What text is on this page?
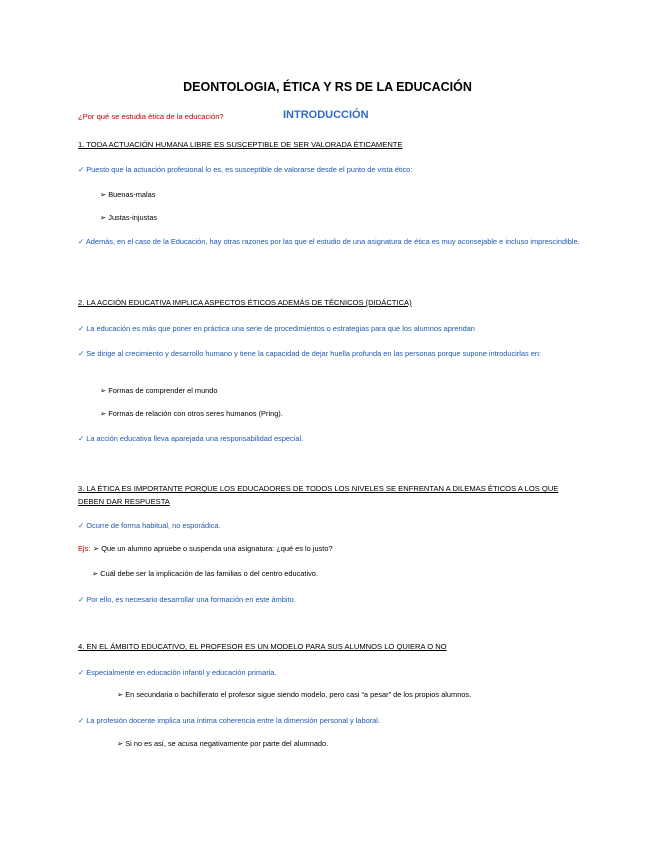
DEONTOLOGIA, ÉTICA Y RS DE LA EDUCACIÓN
¿Por qué se estudia ética de la educación?	INTRODUCCIÓN
1. TODA ACTUACIÓN HUMANA LIBRE ES SUSCEPTIBLE DE SER VALORADA ÉTICAMENTE
✓ Puesto que la actuación profesional lo es, es susceptible de valorarse desde el punto de vista ético:
➢ Buenas-malas
➢ Justas-injustas
✓ Además, en el caso de la Educación, hay otras razones por las que el estudio de una asignatura de ética es muy aconsejable e incluso imprescindible.
2. LA ACCIÓN EDUCATIVA IMPLICA ASPECTOS ÉTICOS ADEMÁS DE TÉCNICOS (DIDÁCTICA)
✓ La educación es más que poner en práctica una serie de procedimientos o estrategias para que los alumnos aprendan
✓ Se dirige al crecimiento y desarrollo humano y tiene la capacidad de dejar huella profunda en las personas porque supone introducirlas en:
➢ Formas de comprender el mundo
➢ Formas de relación con otros seres humanos (Pring).
✓ La acción educativa lleva aparejada una responsabilidad especial.
3. LA ÉTICA ES IMPORTANTE PORQUE LOS EDUCADORES DE TODOS LOS NIVELES SE ENFRENTAN A DILEMAS ÉTICOS A LOS QUE DEBEN DAR RESPUESTA
✓ Ocurre de forma habitual, no esporádica.
Ejs: ➢ Que un alumno apruebe o suspenda una asignatura: ¿qué es lo justo?
➢ Cuál debe ser la implicación de las familias o del centro educativo.
✓ Por ello, es necesario desarrollar una formación en este ámbito.
4. EN EL ÁMBITO EDUCATIVO, EL PROFESOR ES UN MODELO PARA SUS ALUMNOS LO QUIERA O NO
✓ Especialmente en educación infantil y educación primaria.
➢ En secundaria o bachillerato el profesor sigue siendo modelo, pero casi “a pesar” de los propios alumnos.
✓ La profesión docente implica una íntima coherencia entre la dimensión personal y laboral.
➢ Si no es así, se acusa negativamente por parte del alumnado.
